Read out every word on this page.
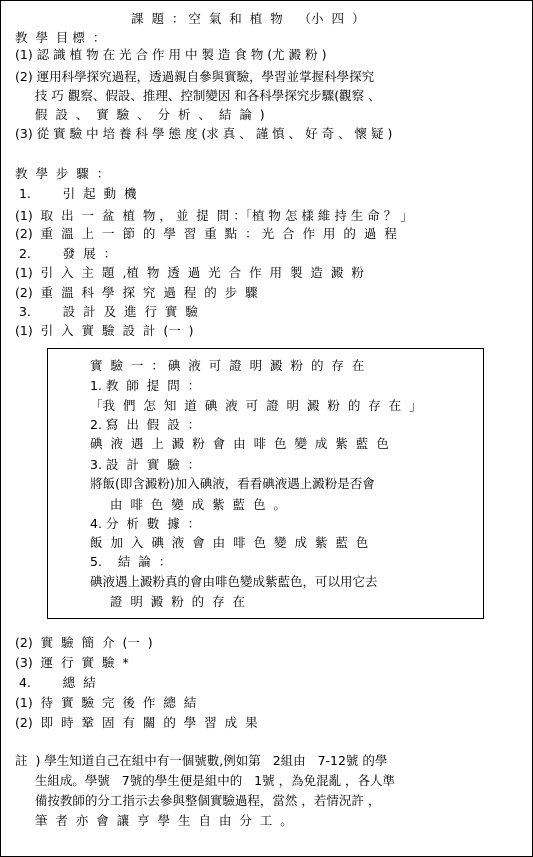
課  題  ： 空  氣  和  植  物    （小  四  ）
教  學  目 標  ：
(1) 認 識 植 物 在 光 合 作 用 中 製 造 食 物 (尤 澱 粉 )
(2) 運用科學探究過程，透過親自參與實驗，學習並掌握科學探究
技 巧 觀察、假設、推理、控制變因 和各科學探究步驟(觀察 、
假  設  、  實  驗  、  分  析  、  結  論  )
(3) 從 實 驗 中 培 養 科 學 態 度 (求 真 、 謹 慎 、 好 奇 、 懷 疑 )
教  學  步  驟  ：
1.        引  起  動  機
(1)  取  出  一  盆  植  物 ， 並  提  問 ：「植 物 怎 樣 維 持 生 命 ？ 」
(2)  重  溫  上  一  節  的  學  習  重  點  ： 光  合  作  用  的  過  程
2.        發  展  ：
(1)  引  入  主  題  ,植  物  透  過  光  合  作  用  製  造  澱  粉
(2)  重  溫  科  學  探  究  過  程  的  步  驟
3.        設  計  及  進  行  實  驗
(1)  引  入  實  驗  設  計  (一  )
實  驗  一  ： 碘  液  可  證  明  澱  粉  的  存  在
1. 教  師  提  問  ：
「我  們  怎  知  道  碘  液  可  證  明  澱  粉  的  存  在  」
2. 寫  出  假  設  ：
碘  液  遇  上  澱  粉  會  由  啡  色  變  成  紫  藍  色
3. 設  計  實  驗  ：
將飯(即含澱粉)加入碘液，看看碘液遇上澱粉是否會
由  啡  色  變  成  紫  藍  色  。
4. 分  析  數  據  ：
飯  加  入  碘  液  會  由  啡  色  變  成  紫  藍  色
5.    結  論  ：
碘液遇上澱粉真的會由啡色變成紫藍色，可以用它去
證  明  澱  粉  的  存  在
(2)  實  驗  簡  介  (一  )
(3)  運  行  實  驗  *
4.        總  結
(1)  待  實  驗  完  後  作  總  結
(2)  即  時  鞏  固  有  關  的  學  習  成  果
註  ) 學生知道自己在組中有一個號數,例如第   2組由   7-12號 的學
生組成。學號   7號的學生便是組中的   1號 ，為免混亂 ，各人準
備按教師的分工指示去參與整個實驗過程，當然 ，若情況許 ，
筆  者  亦  會  讓  亨  學  生  自  由  分  工  。
